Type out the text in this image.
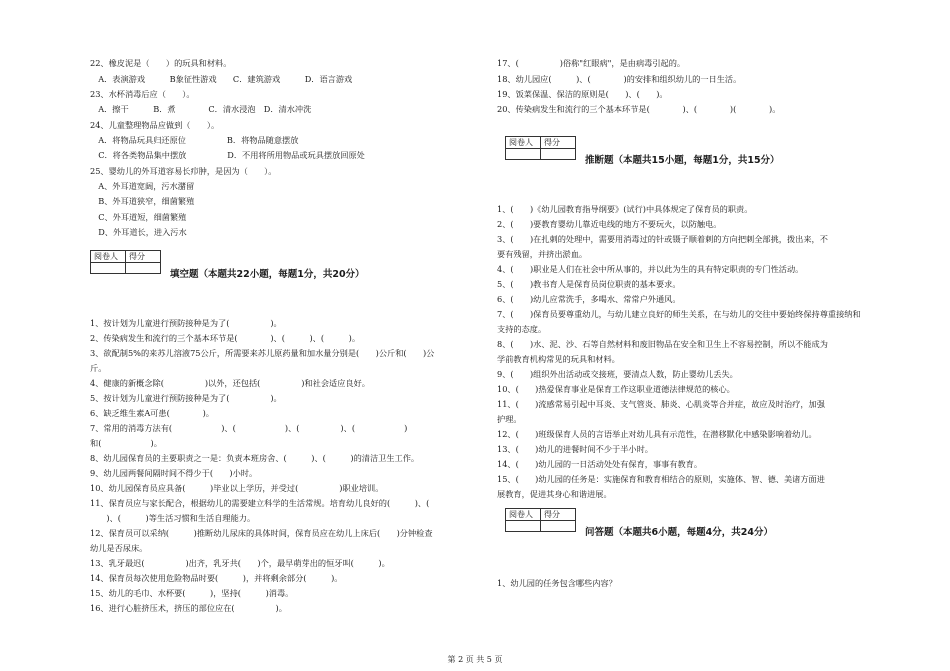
22、橡皮泥是（　　）的玩具和材料。
　A．表演游戏　　　B象征性游戏　　C．建筑游戏　　　D．语言游戏
23、水杯消毒后应（　　）。
　A．擦干　　　B．煮　　　　C．清水浸泡　D．清水冲洗
24、儿童整理物品应做到（　　）。
　A．将物品玩具归还原位　　　　　B．将物品随意摆放
　C．将各类物品集中摆放　　　　　D．不用将所用物品或玩具摆放回原处
25、婴幼儿的外耳道容易长疖肿，是因为（　　）。
　A、外耳道宽阔，污水潴留
　B、外耳道狭窄，细菌繁殖
　C、外耳道短，细菌繁殖
　D、外耳道长，进入污水
阅卷人	得分

填空题（本题共22小题，每题1分，共20分）
1、按计划为儿童进行预防接种是为了(　　　　　)。
2、传染病发生和流行的三个基本环节是(　　　　)、(　　　)、(　　　)。
3、欲配制5%的来苏儿溶液75公斤，所需要来苏儿原药量和加水量分别是(　　)公斤和(　　)公
斤。
4、健康的新概念除(　　　　　)以外，还包括(　　　　　)和社会适应良好。
5、按计划为儿童进行预防接种是为了(　　　　　)。
6、缺乏维生素A可患(　　　　)。
7、常用的消毒方法有(　　　　　　)、(　　　　　　)、(　　　　　)、(　　　　　　)
和(　　　　　　)。
8、幼儿园保育员的主要职责之一是：负责本班房舍、(　　　)、(　　　)的清洁卫生工作。
9、幼儿园两餐间隔时间不得少于(　　)小时。
10、幼儿园保育员应具备(　　　)毕业以上学历，并受过(　　　　　)职业培训。
11、保育员应与家长配合，根据幼儿的需要建立科学的生活常规。培育幼儿良好的(　　　)、(　
　　)、(　　　)等生活习惯和生活自理能力。
12、保育员可以采纳(　　　)推断幼儿尿床的具体时间，保育员应在幼儿上床后(　　)分钟检查
幼儿是否尿床。
13、乳牙最迟(　　　　　)出齐，乳牙共(　　)个，最早萌芽出的恒牙叫(　　　)。
14、保育员每次使用危险物品时要(　　　)，并将剩余部分(　　　)。
15、幼儿的毛巾、水杯要(　　　)，坚持(　　　)消毒。
16、进行心脏挤压术，挤压的部位应在(　　　　　)。
17、(　　　　　)俗称"红眼病"，是由病毒引起的。
18、幼儿园应(　　　)、(　　　　)的安排和组织幼儿的一日生活。
19、饭菜保温、保洁的原则是(　　)、(　　)。
20、传染病发生和流行的三个基本环节是(　　　　)、(　　　　)(　　　　)。
阅卷人	得分

推断题（本题共15小题，每题1分，共15分）
1、(　　)《幼儿园教育指导纲要》(试行)中具体规定了保育员的职责。
2、(　　)要教育婴幼儿靠近电线的地方不要玩火，以防触电。
3、(　　)在扎刺的处理中，需要用消毒过的针或镊子顺着刺的方向把刺全部挑，拨出来，不
要有残留，并挤出淤血。
4、(　　)职业是人们在社会中所从事的，并以此为生的具有特定职责的专门性活动。
5、(　　)教书育人是保育员岗位职责的基本要求。
6、(　　)幼儿应常洗手，多喝水、常常户外通风。
7、(　　)保育员要尊重幼儿，与幼儿建立良好的师生关系，在与幼儿的交往中要始终保持尊重接纳和
支持的态度。
8、(　　)水、泥、沙、石等自然材料和废旧物品在安全和卫生上不容易控制，所以不能成为
学前教育机构常见的玩具和材料。
9、(　　)组织外出活动或交接班，要清点人数，防止婴幼儿丢失。
10、(　　)热爱保育事业是保育工作这职业道德法律规范的核心。
11、(　　)流感常易引起中耳炎、支气管炎、肺炎、心肌炎等合并症，故应及时治疗，加强
护理。
12、(　　)班级保育人员的言语举止对幼儿具有示范性，在潜移默化中感染影响着幼儿。
13、(　　)幼儿的进餐时间不少于半小时。
14、(　　)幼儿园的一日活动处处有保育，事事有教育。
15、(　　)幼儿园的任务是：实施保育和教育相结合的原则，实施体、智、德、美诸方面进
展教育，促进其身心和谐进展。
阅卷人	得分

问答题（本题共6小题，每题4分，共24分）
1、幼儿园的任务包含哪些内容？
第 2 页 共 5 页
